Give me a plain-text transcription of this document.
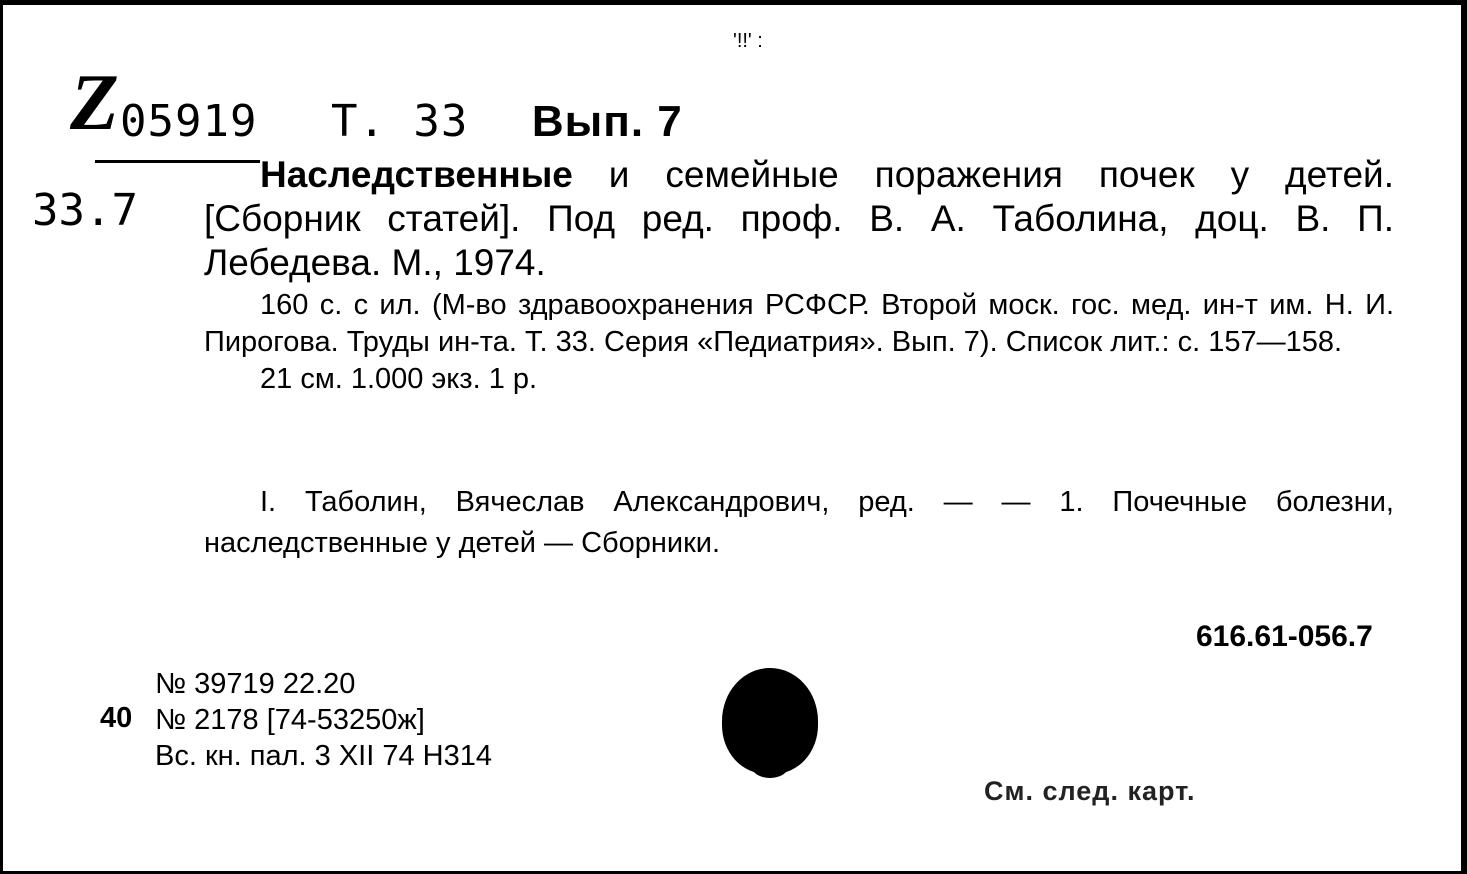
'!!' :
Z 05919 Т. 33 Вып. 7
33.7
Наследственные и семейные поражения почек у детей. [Сборник статей]. Под ред. проф. В. А. Таболина, доц. В. П. Лебедева. М., 1974.

160 с. с ил. (М-во здравоохранения РСФСР. Второй моск. гос. мед. ин-т им. Н. И. Пирогова. Труды ин-та. Т. 33. Серия «Педиатрия». Вып. 7). Список лит.: с. 157—158.

21 см. 1.000 экз. 1 р.

I. Таболин, Вячеслав Александрович, ред. — — 1. Почечные болезни, наследственные у детей — Сборники.
616.61-056.7
40
№ 39719 22.20
№ 2178 [74-53250ж]
Вс. кн. пал. 3 XII 74 Н314
См. след. карт.
